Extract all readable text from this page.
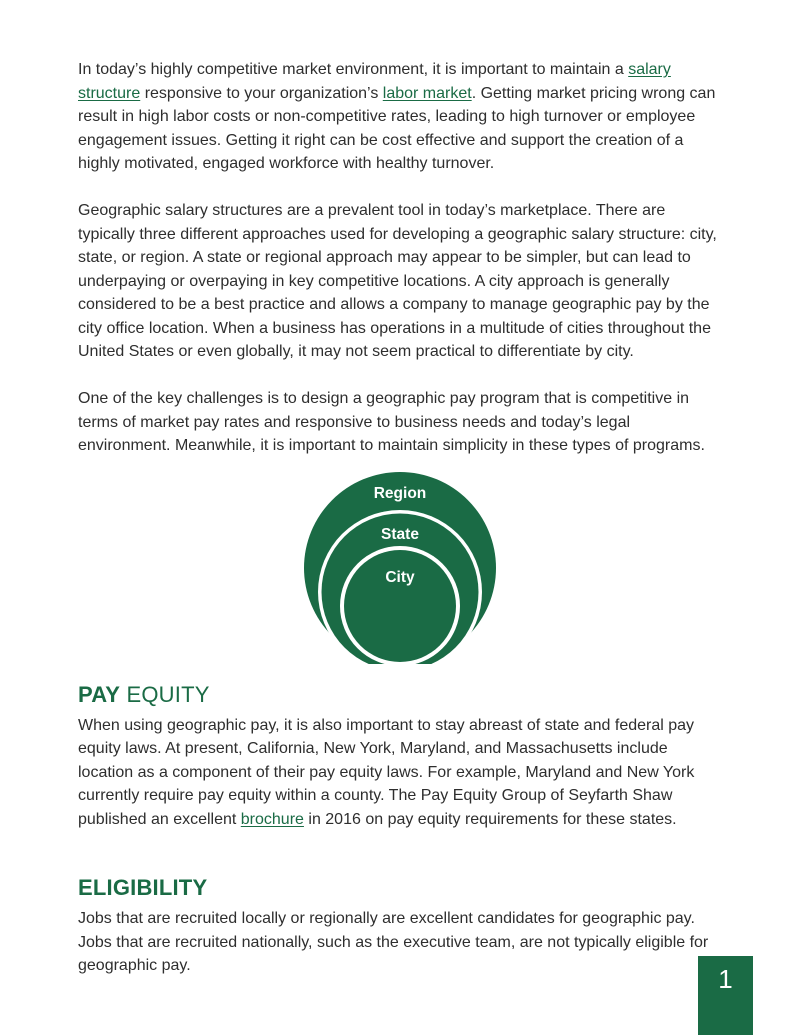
In today’s highly competitive market environment, it is important to maintain a salary structure responsive to your organization’s labor market. Getting market pricing wrong can result in high labor costs or non-competitive rates, leading to high turnover or employee engagement issues. Getting it right can be cost effective and support the creation of a highly motivated, engaged workforce with healthy turnover.

Geographic salary structures are a prevalent tool in today’s marketplace. There are typically three different approaches used for developing a geographic salary structure: city, state, or region. A state or regional approach may appear to be simpler, but can lead to underpaying or overpaying in key competitive locations. A city approach is generally considered to be a best practice and allows a company to manage geographic pay by the city office location. When a business has operations in a multitude of cities throughout the United States or even globally, it may not seem practical to differentiate by city.

One of the key challenges is to design a geographic pay program that is competitive in terms of market pay rates and responsive to business needs and today’s legal environment. Meanwhile, it is important to maintain simplicity in these types of programs.

Region
State
City
PAY EQUITY

When using geographic pay, it is also important to stay abreast of state and federal pay equity laws. At present, California, New York, Maryland, and Massachusetts include location as a component of their pay equity laws. For example, Maryland and New York currently require pay equity within a county. The Pay Equity Group of Seyfarth Shaw published an excellent brochure in 2016 on pay equity requirements for these states.

ELIGIBILITY

Jobs that are recruited locally or regionally are excellent candidates for geographic pay. Jobs that are recruited nationally, such as the executive team, are not typically eligible for geographic pay.	1
